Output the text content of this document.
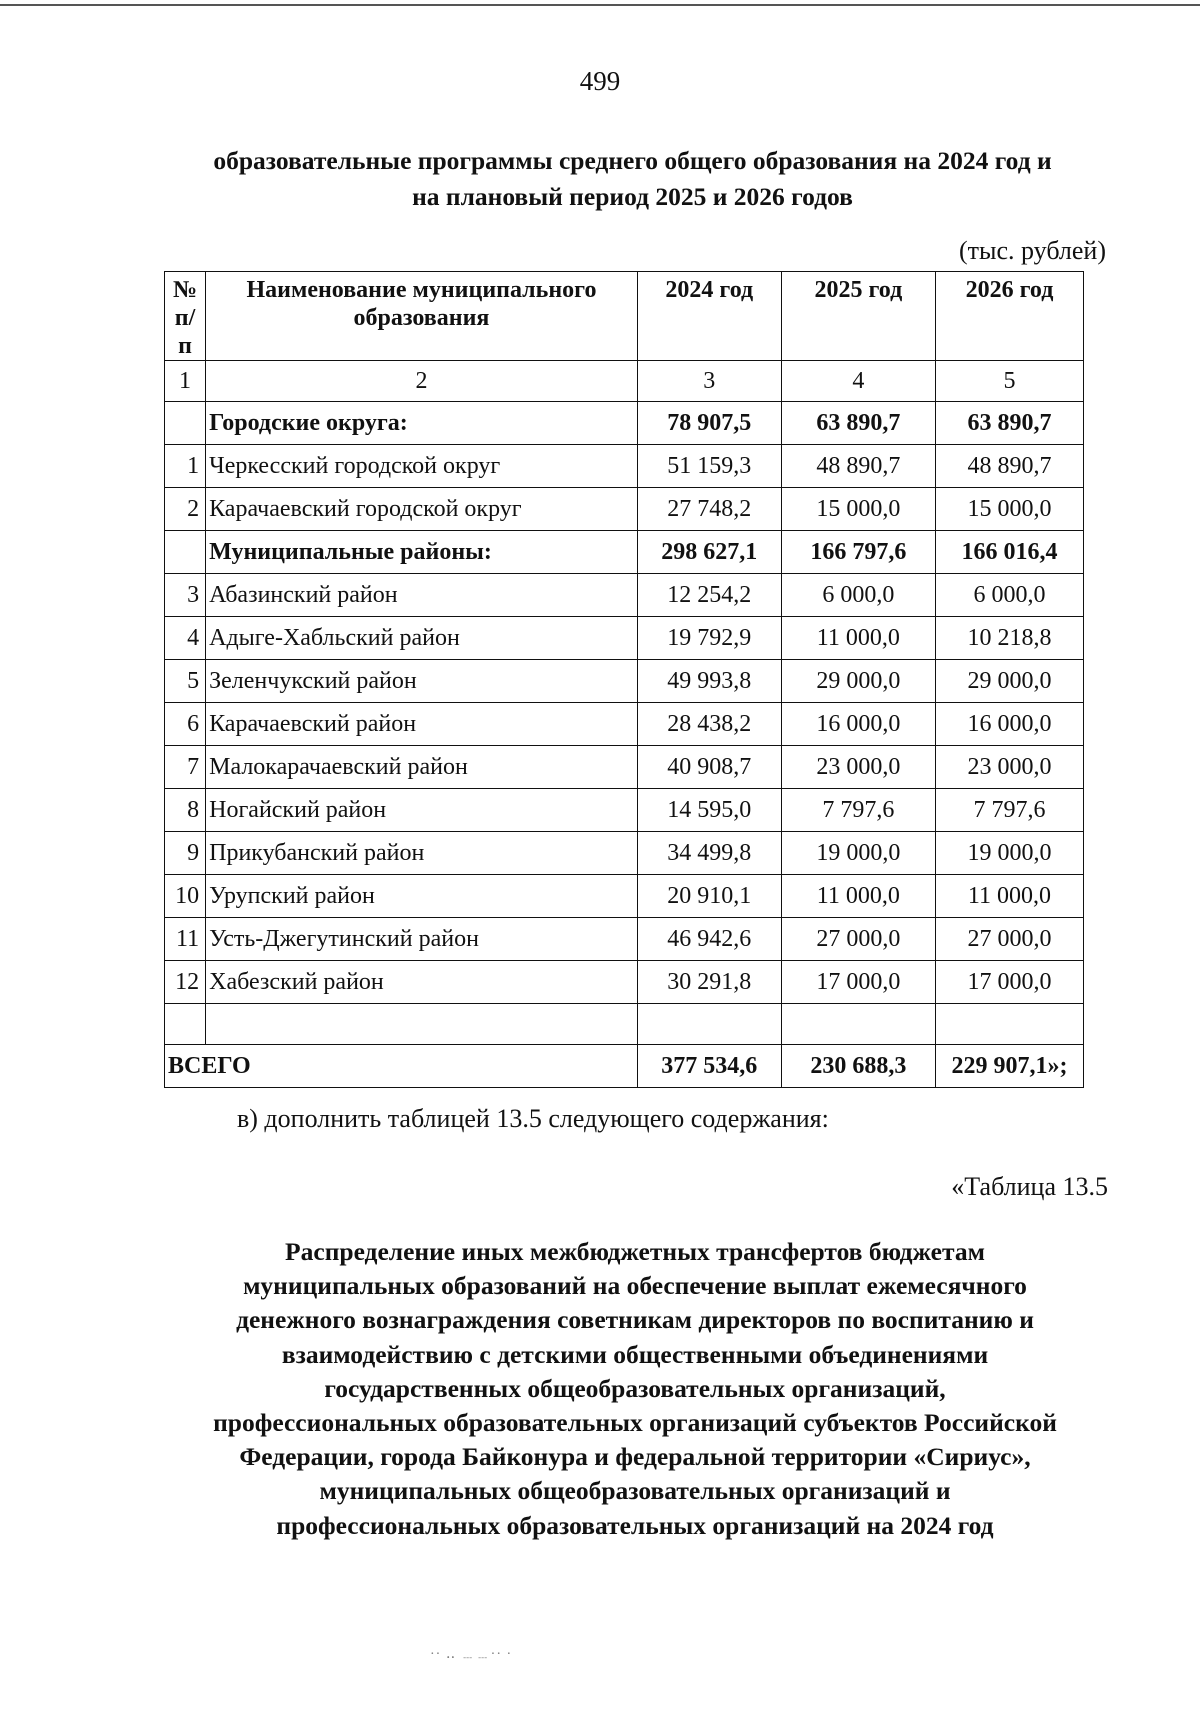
499
образовательные программы среднего общего образования на 2024 год и
на плановый период 2025 и 2026 годов
(тыс. рублей)
№ п/п	Наименование муниципального образования	2024 год	2025 год	2026 год
1	2	3	4	5
	Городские округа:	78 907,5	63 890,7	63 890,7
1	Черкесский городской округ	51 159,3	48 890,7	48 890,7
2	Карачаевский городской округ	27 748,2	15 000,0	15 000,0
	Муниципальные районы:	298 627,1	166 797,6	166 016,4
3	Абазинский район	12 254,2	6 000,0	6 000,0
4	Адыге-Хабльский район	19 792,9	11 000,0	10 218,8
5	Зеленчукский район	49 993,8	29 000,0	29 000,0
6	Карачаевский район	28 438,2	16 000,0	16 000,0
7	Малокарачаевский район	40 908,7	23 000,0	23 000,0
8	Ногайский район	14 595,0	7 797,6	7 797,6
9	Прикубанский район	34 499,8	19 000,0	19 000,0
10	Урупский район	20 910,1	11 000,0	11 000,0
11	Усть-Джегутинский район	46 942,6	27 000,0	27 000,0
12	Хабезский район	30 291,8	17 000,0	17 000,0

ВСЕГО		377 534,6	230 688,3	229 907,1»;
в) дополнить таблицей 13.5 следующего содержания:
«Таблица 13.5
Распределение иных межбюджетных трансфертов бюджетам
муниципальных образований на обеспечение выплат ежемесячного
денежного вознаграждения советникам директоров по воспитанию и
взаимодействию с детскими общественными объединениями
государственных общеобразовательных организаций,
профессиональных образовательных организаций субъектов Российской
Федерации, города Байконура и федеральной территории «Сириус»,
муниципальных общеобразовательных организаций и
профессиональных образовательных организаций на 2024 год
·· ‥ ﹍﹍·· ·
